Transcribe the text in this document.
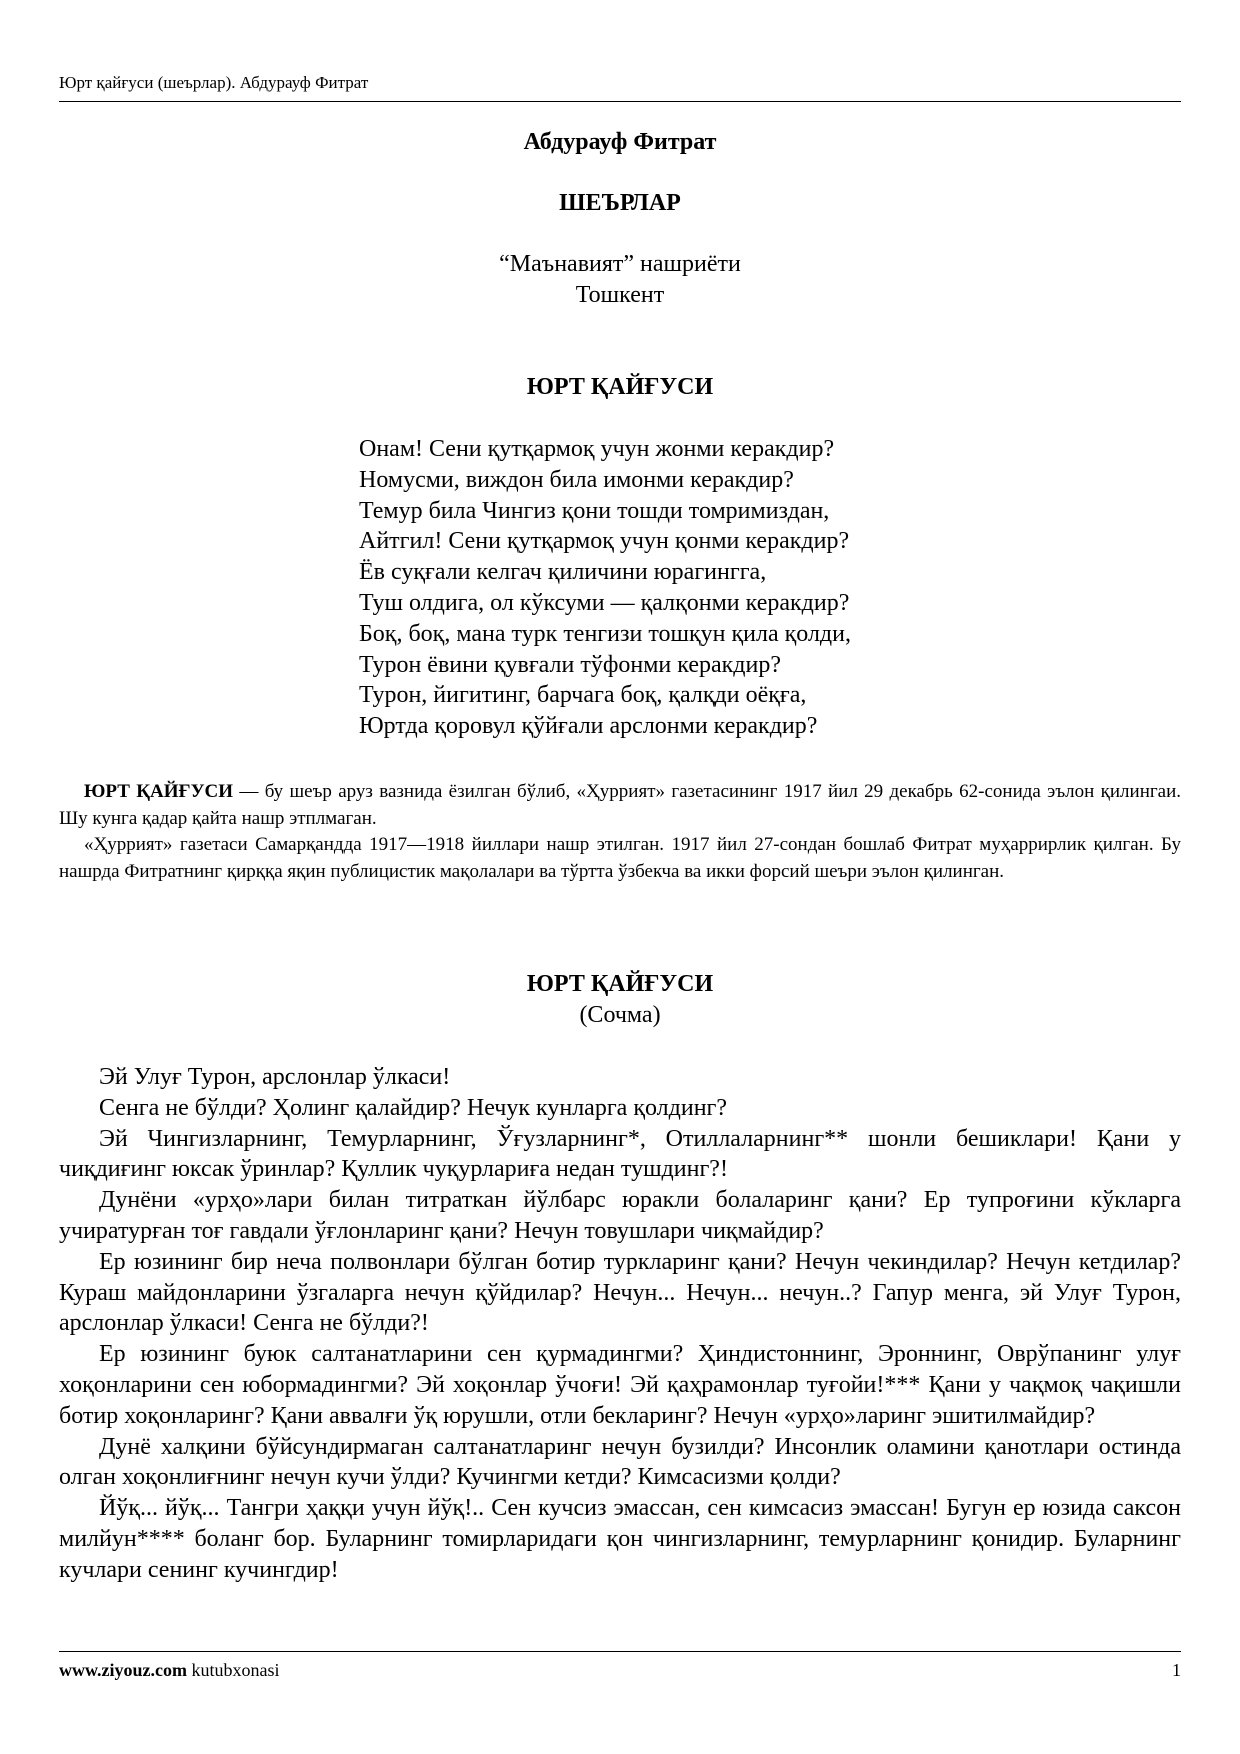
Юрт қайғуси (шеърлар). Абдурауф Фитрат
Абдурауф Фитрат
ШЕЪРЛАР
“Маънавият” нашриёти
Тошкент
ЮРТ ҚАЙҒУСИ
Онам! Сени қутқармоқ учун жонми керакдир?
Номусми, виждон била имонми керакдир?
Темур била Чингиз қони тошди томримиздан,
Айтгил! Сени қутқармоқ учун қонми керакдир?
Ёв суқғали келгач қиличини юрагингга,
Туш олдига, ол кўксуми — қалқонми керакдир?
Боқ, боқ, мана турк тенгизи тошқун қила қолди,
Турон ёвини қувғали тўфонми керакдир?
Турон, йигитинг, барчага боқ, қалқди оёқға,
Юртда қоровул қўйғали арслонми керакдир?

ЮРТ ҚАЙҒУСИ — бу шеър аруз вазнида ёзилган бўлиб, «Ҳуррият» газетасининг 1917 йил 29 декабрь 62-сонида эълон қилингаи. Шу кунга қадар қайта нашр этплмаган.

«Ҳуррият» газетаси Самарқандда 1917—1918 йиллари нашр этилган. 1917 йил 27-сондан бошлаб Фитрат муҳаррирлик қилган. Бу нашрда Фитратнинг қирққа яқин публицистик мақолалари ва тўртта ўзбекча ва икки форсий шеъри эълон қилинган.

ЮРТ ҚАЙҒУСИ
(Сочма)

Эй Улуғ Турон, арслонлар ўлкаси!

Сенга не бўлди? Ҳолинг қалайдир? Нечук кунларга қолдинг?

Эй Чингизларнинг, Темурларнинг, Ўғузларнинг*, Отиллаларнинг** шонли бешиклари! Қани у чиқдиғинг юксак ўринлар? Қуллик чуқурлариға недан тушдинг?!

Дунёни «урҳо»лари билан титраткан йўлбарс юракли болаларинг қани? Ер тупроғини кўкларга учиратурған тоғ гавдали ўғлонларинг қани? Нечун товушлари чиқмайдир?

Ер юзининг бир неча полвонлари бўлган ботир туркларинг қани? Нечун чекиндилар? Нечун кетдилар? Кураш майдонларини ўзгаларга нечун қўйдилар? Нечун... Нечун... нечун..? Гапур менга, эй Улуғ Турон, арслонлар ўлкаси! Сенга не бўлди?!

Ер юзининг буюк салтанатларини сен қурмадингми? Ҳиндистоннинг, Эроннинг, Оврўпанинг улуғ хоқонларини сен юбормадингми? Эй хоқонлар ўчоғи! Эй қаҳрамонлар туғойи!*** Қани у чақмоқ чақишли ботир хоқонларинг? Қани аввалғи ўқ юрушли, отли бекларинг? Нечун «урҳо»ларинг эшитилмайдир?

Дунё халқини бўйсундирмаган салтанатларинг нечун бузилди? Инсонлик оламини қанотлари остинда олган хоқонлиғнинг нечун кучи ўлди? Кучингми кетди? Кимсасизми қолди?

Йўқ... йўқ... Тангри ҳаққи учун йўқ!.. Сен кучсиз эмассан, сен кимсасиз эмассан! Бугун ер юзида саксон милйун**** боланг бор. Буларнинг томирларидаги қон чингизларнинг, темурларнинг қонидир. Буларнинг кучлари сенинг кучингдир!

www.ziyouz.com kutubxonasi	1
